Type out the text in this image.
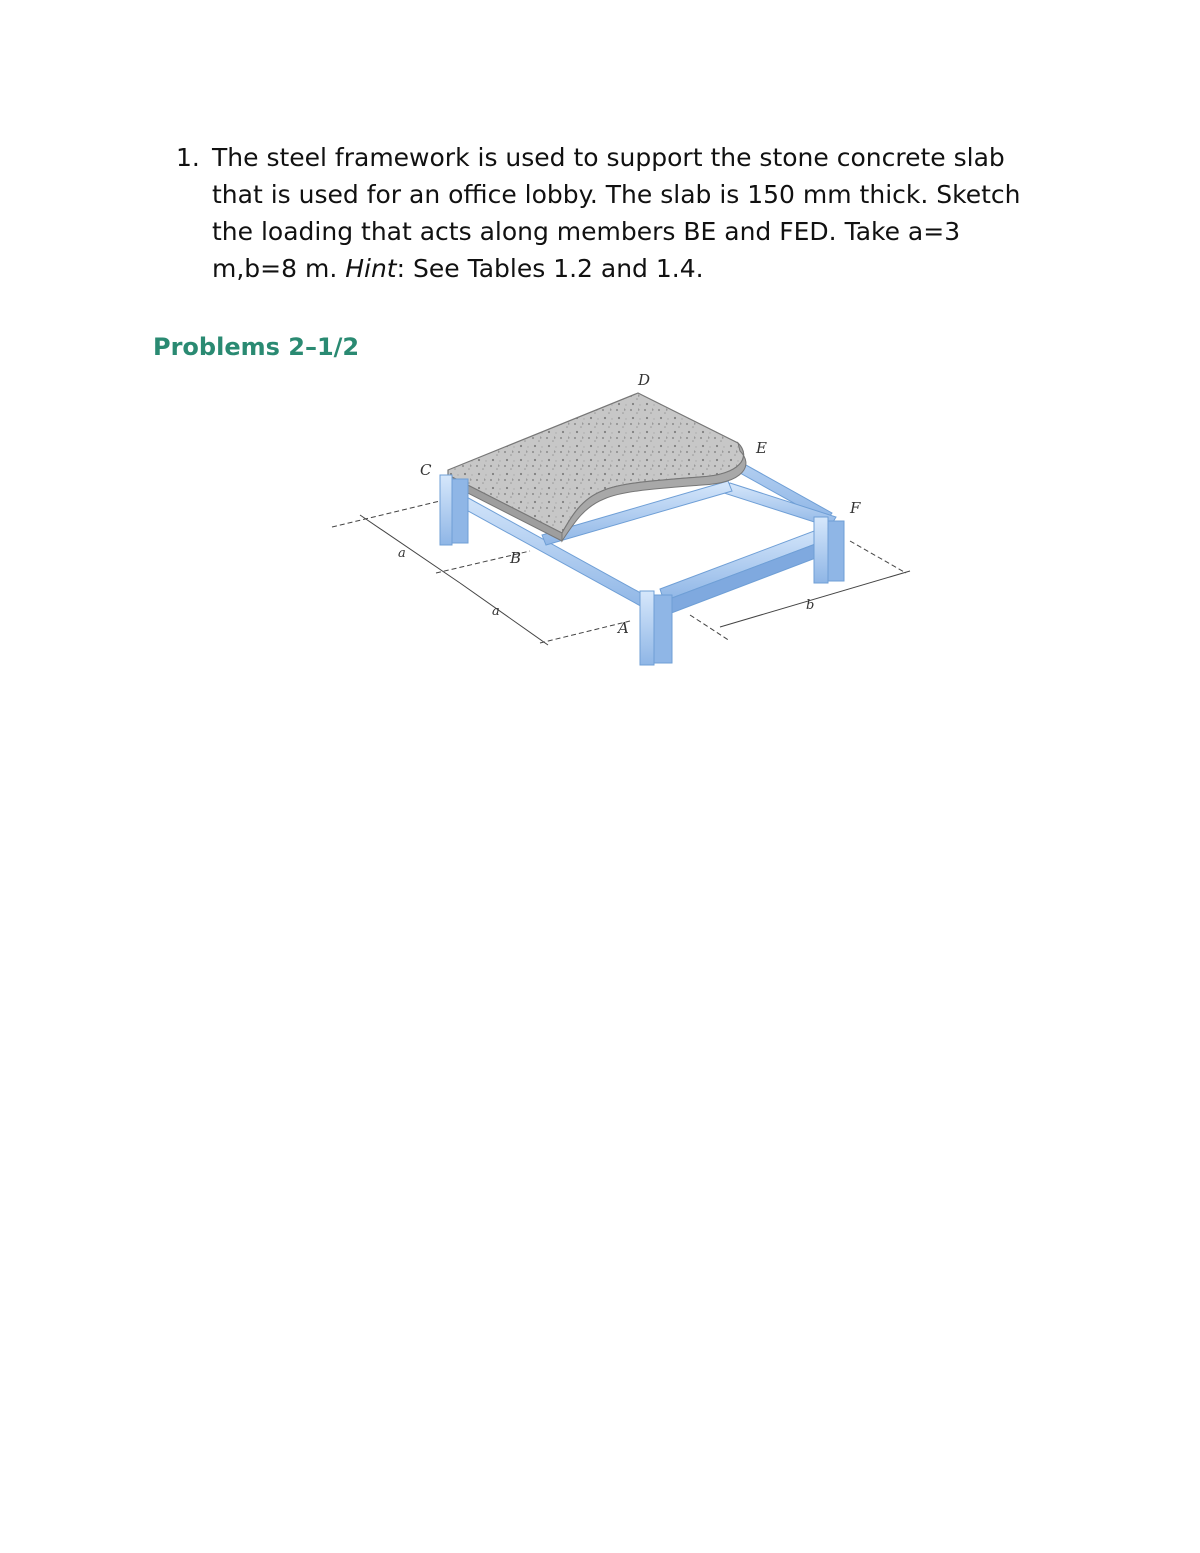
1. The steel framework is used to support the stone concrete slab that is used for an office lobby. The slab is 150 mm thick. Sketch the loading that acts along members BE and FED. Take a=3 m,b=8 m. Hint: See Tables 1.2 and 1.4.
Problems 2–1/2
D
E
C
F
B
A
a
a	b
